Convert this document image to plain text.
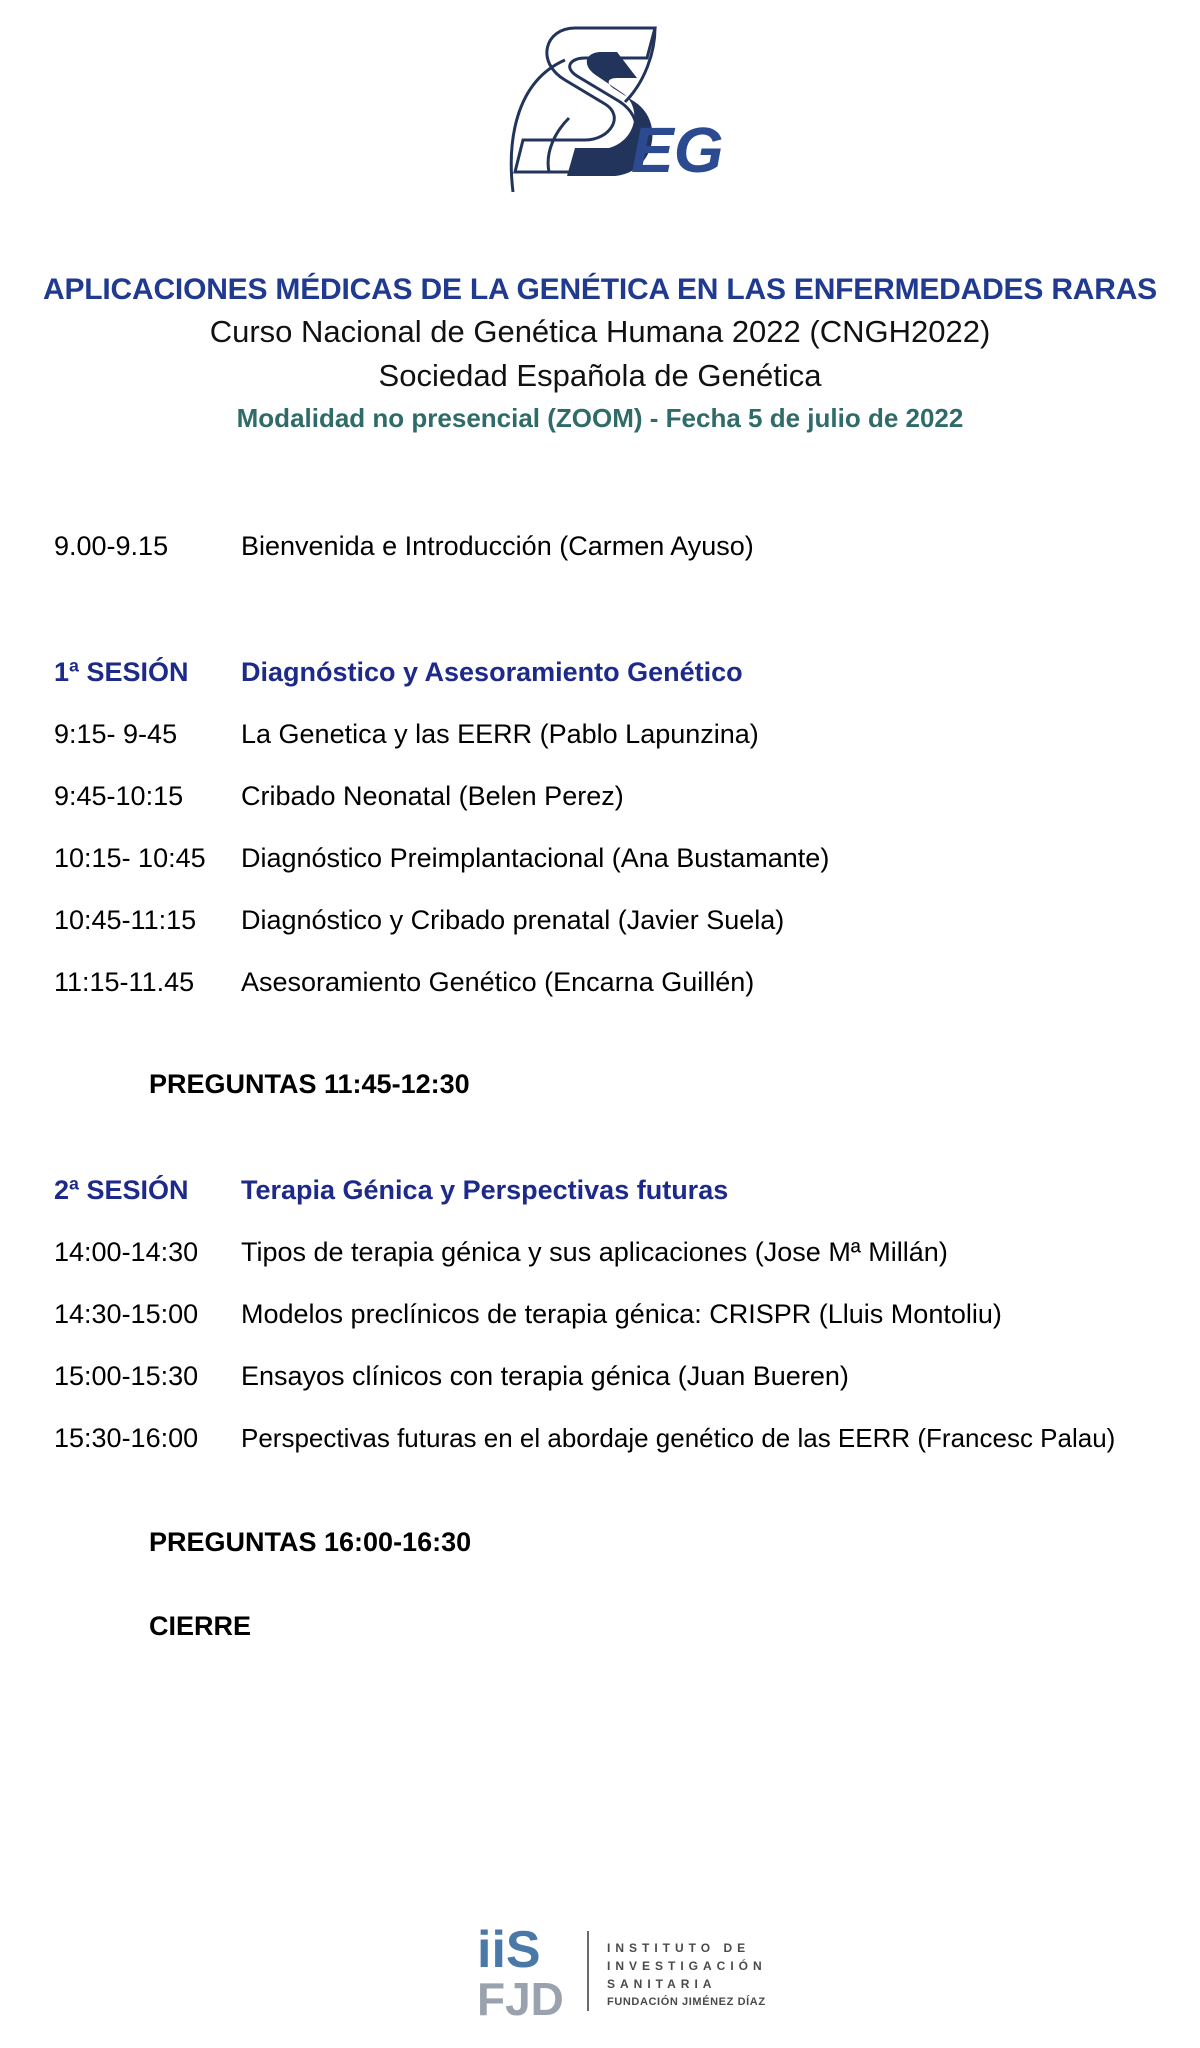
EG
APLICACIONES MÉDICAS DE LA GENÉTICA EN LAS ENFERMEDADES RARAS
Curso Nacional de Genética Humana 2022 (CNGH2022)
Sociedad Española de Genética
Modalidad no presencial (ZOOM) - Fecha 5 de julio de 2022
9.00-9.15	Bienvenida e Introducción (Carmen Ayuso)
1ª SESIÓN Diagnóstico y Asesoramiento Genético
9:15- 9-45 La Genetica y las EERR (Pablo Lapunzina)
9:45-10:15 Cribado Neonatal (Belen Perez)
10:15- 10:45 Diagnóstico Preimplantacional (Ana Bustamante)
10:45-11:15 Diagnóstico y Cribado prenatal (Javier Suela)
11:15-11.45 Asesoramiento Genético (Encarna Guillén)
PREGUNTAS 11:45-12:30
2ª SESIÓN Terapia Génica y Perspectivas futuras
14:00-14:30 Tipos de terapia génica y sus aplicaciones (Jose Mª Millán)
14:30-15:00 Modelos preclínicos de terapia génica: CRISPR (Lluis Montoliu)
15:00-15:30 Ensayos clínicos con terapia génica (Juan Bueren)
15:30-16:00 Perspectivas futuras en el abordaje genético de las EERR (Francesc Palau)
PREGUNTAS 16:00-16:30
CIERRE
iiS
FJD
INSTITUTO DE
INVESTIGACIÓN
SANITARIA
FUNDACIÓN JIMÉNEZ DÍAZ
